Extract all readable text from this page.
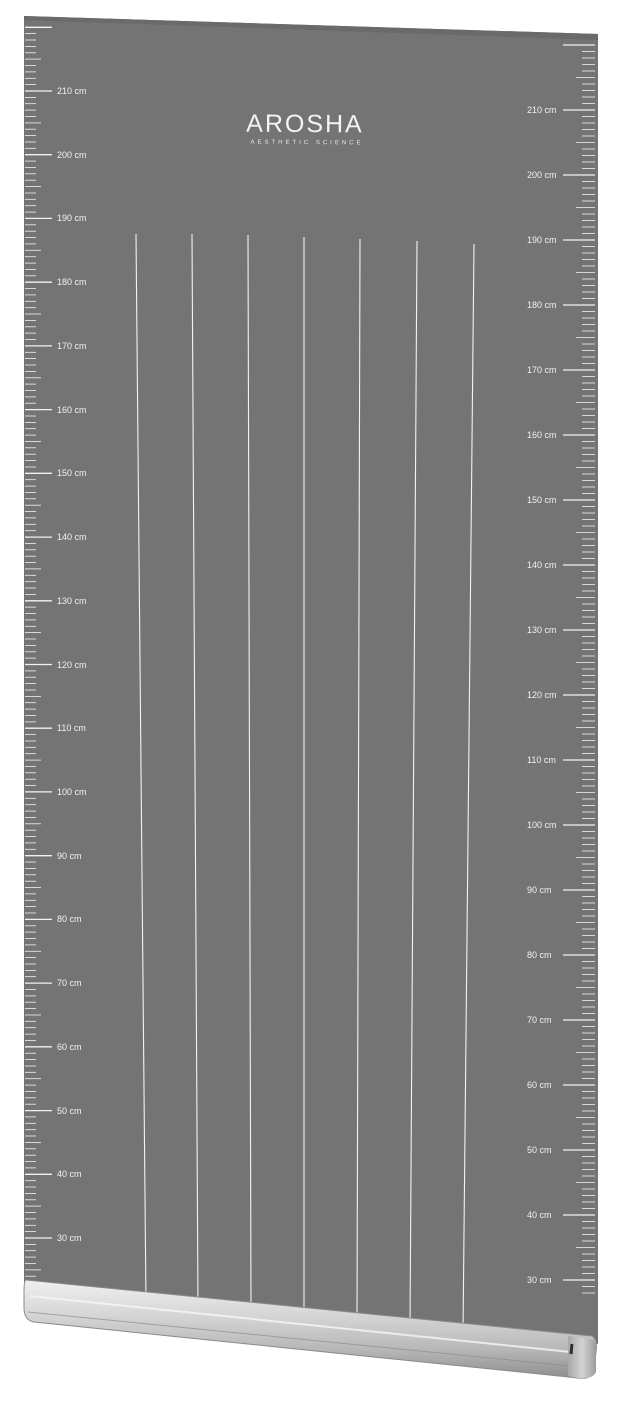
AROSHA
AESTHETIC SCIENCE
210 cm
200 cm
190 cm
180 cm
170 cm
160 cm
150 cm
140 cm
130 cm
120 cm
110 cm
100 cm
90 cm
80 cm
70 cm
60 cm
50 cm
40 cm
30 cm
210 cm
200 cm
190 cm
180 cm
170 cm
160 cm
150 cm
140 cm
130 cm
120 cm
110 cm
100 cm
90 cm
80 cm
70 cm
60 cm
50 cm
40 cm
30 cm
